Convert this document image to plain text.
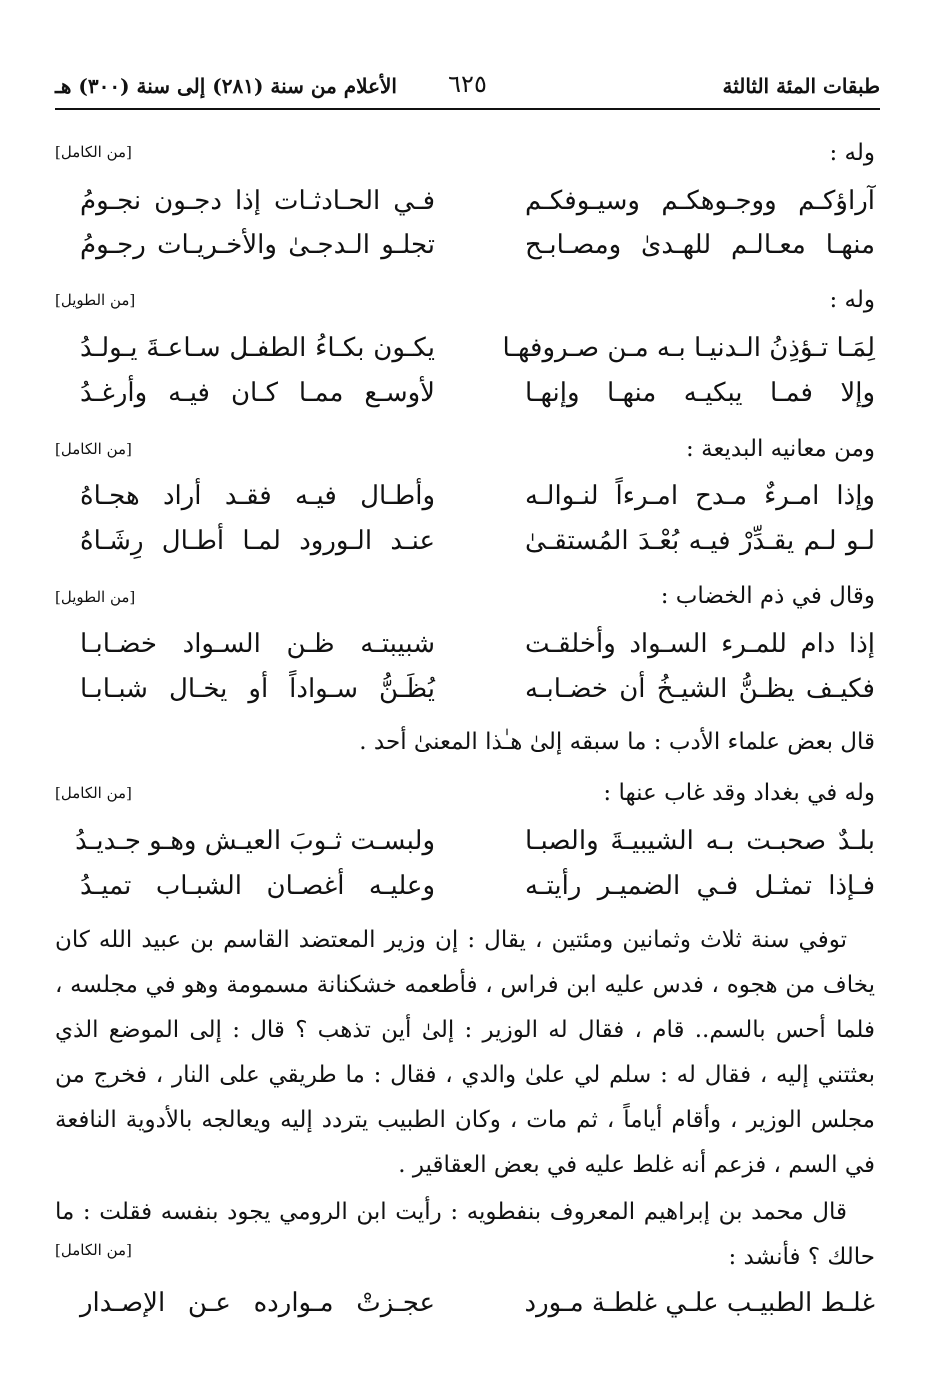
طبقات المئة الثالثة
٦٢٥
الأعلام من سنة (٢٨١) إلى سنة (٣٠٠) هـ
وله :
[من الكامل]
آراؤكـم ووجـوهكـم وسيـوفكـم
فـي الحـادثـات إذا دجـون نجـومُ
منهـا معـالـم للهـدىٰ ومصـابـح
تجلـو الـدجـىٰ والأخـريـات رجـومُ
وله :
[من الطويل]
لِمَـا تـؤذِنُ الـدنيـا بـه مـن صـروفهـا
يكـون بكـاءُ الطفـل سـاعـةَ يـولـدُ
وإلا فمـا يبكيـه منهـا وإنهـا
لأوسـع ممـا كـان فيـه وأرغـدُ
ومن معانيه البديعة :
[من الكامل]
وإذا امـرءٌ مـدح امـرءاً لنـوالـه
وأطـال فيـه فقـد أراد هجـاهُ
لـو لـم يقـدِّرْ فيـه بُعْـدَ المُستقـىٰ
عنـد الـورود لمـا أطـال رِشَـاهُ
وقال في ذم الخضاب :
[من الطويل]
إذا دام للمـرء السـواد وأخلقـت
شبيبتـه ظـن السـواد خضـابـا
فكيـف يظـنُّ الشيـخُ أن خضـابـه
يُظَـنُّ سـواداً أو يخـال شبـابـا
قال بعض علماء الأدب : ما سبقه إلىٰ هـٰذا المعنىٰ أحد .
وله في بغداد وقد غاب عنها :
[من الكامل]
بلـدٌ صحبـت بـه الشيبيـةَ والصبـا
ولبسـت ثـوبَ العيـش وهـو جـديـدُ
فـإذا تمثـل فـي الضميـر رأيتـه
وعليـه أغصـان الشبـاب تميـدُ

توفي سنة ثلاث وثمانين ومئتين ، يقال : إن وزير المعتضد القاسم بن عبيد الله كان يخاف من هجوه ، فدس عليه ابن فراس ، فأطعمه خشكنانة مسمومة وهو في مجلسه ، فلما أحس بالسم.. قام ، فقال له الوزير : إلىٰ أين تذهب ؟ قال : إلى الموضع الذي بعثتني إليه ، فقال له : سلم لي علىٰ والدي ، فقال : ما طريقي على النار ، فخرج من مجلس الوزير ، وأقام أياماً ، ثم مات ، وكان الطبيب يتردد إليه ويعالجه بالأدوية النافعة في السم ، فزعم أنه غلط عليه في بعض العقاقير .

قال محمد بن إبراهيم المعروف بنفطويه : رأيت ابن الرومي يجود بنفسه فقلت : ما حالك ؟ فأنشد :

[من الكامل]
غلـط الطبيـب علـي غلطـة مـورد
عجـزتْ مـوارده عـن الإصـدار
